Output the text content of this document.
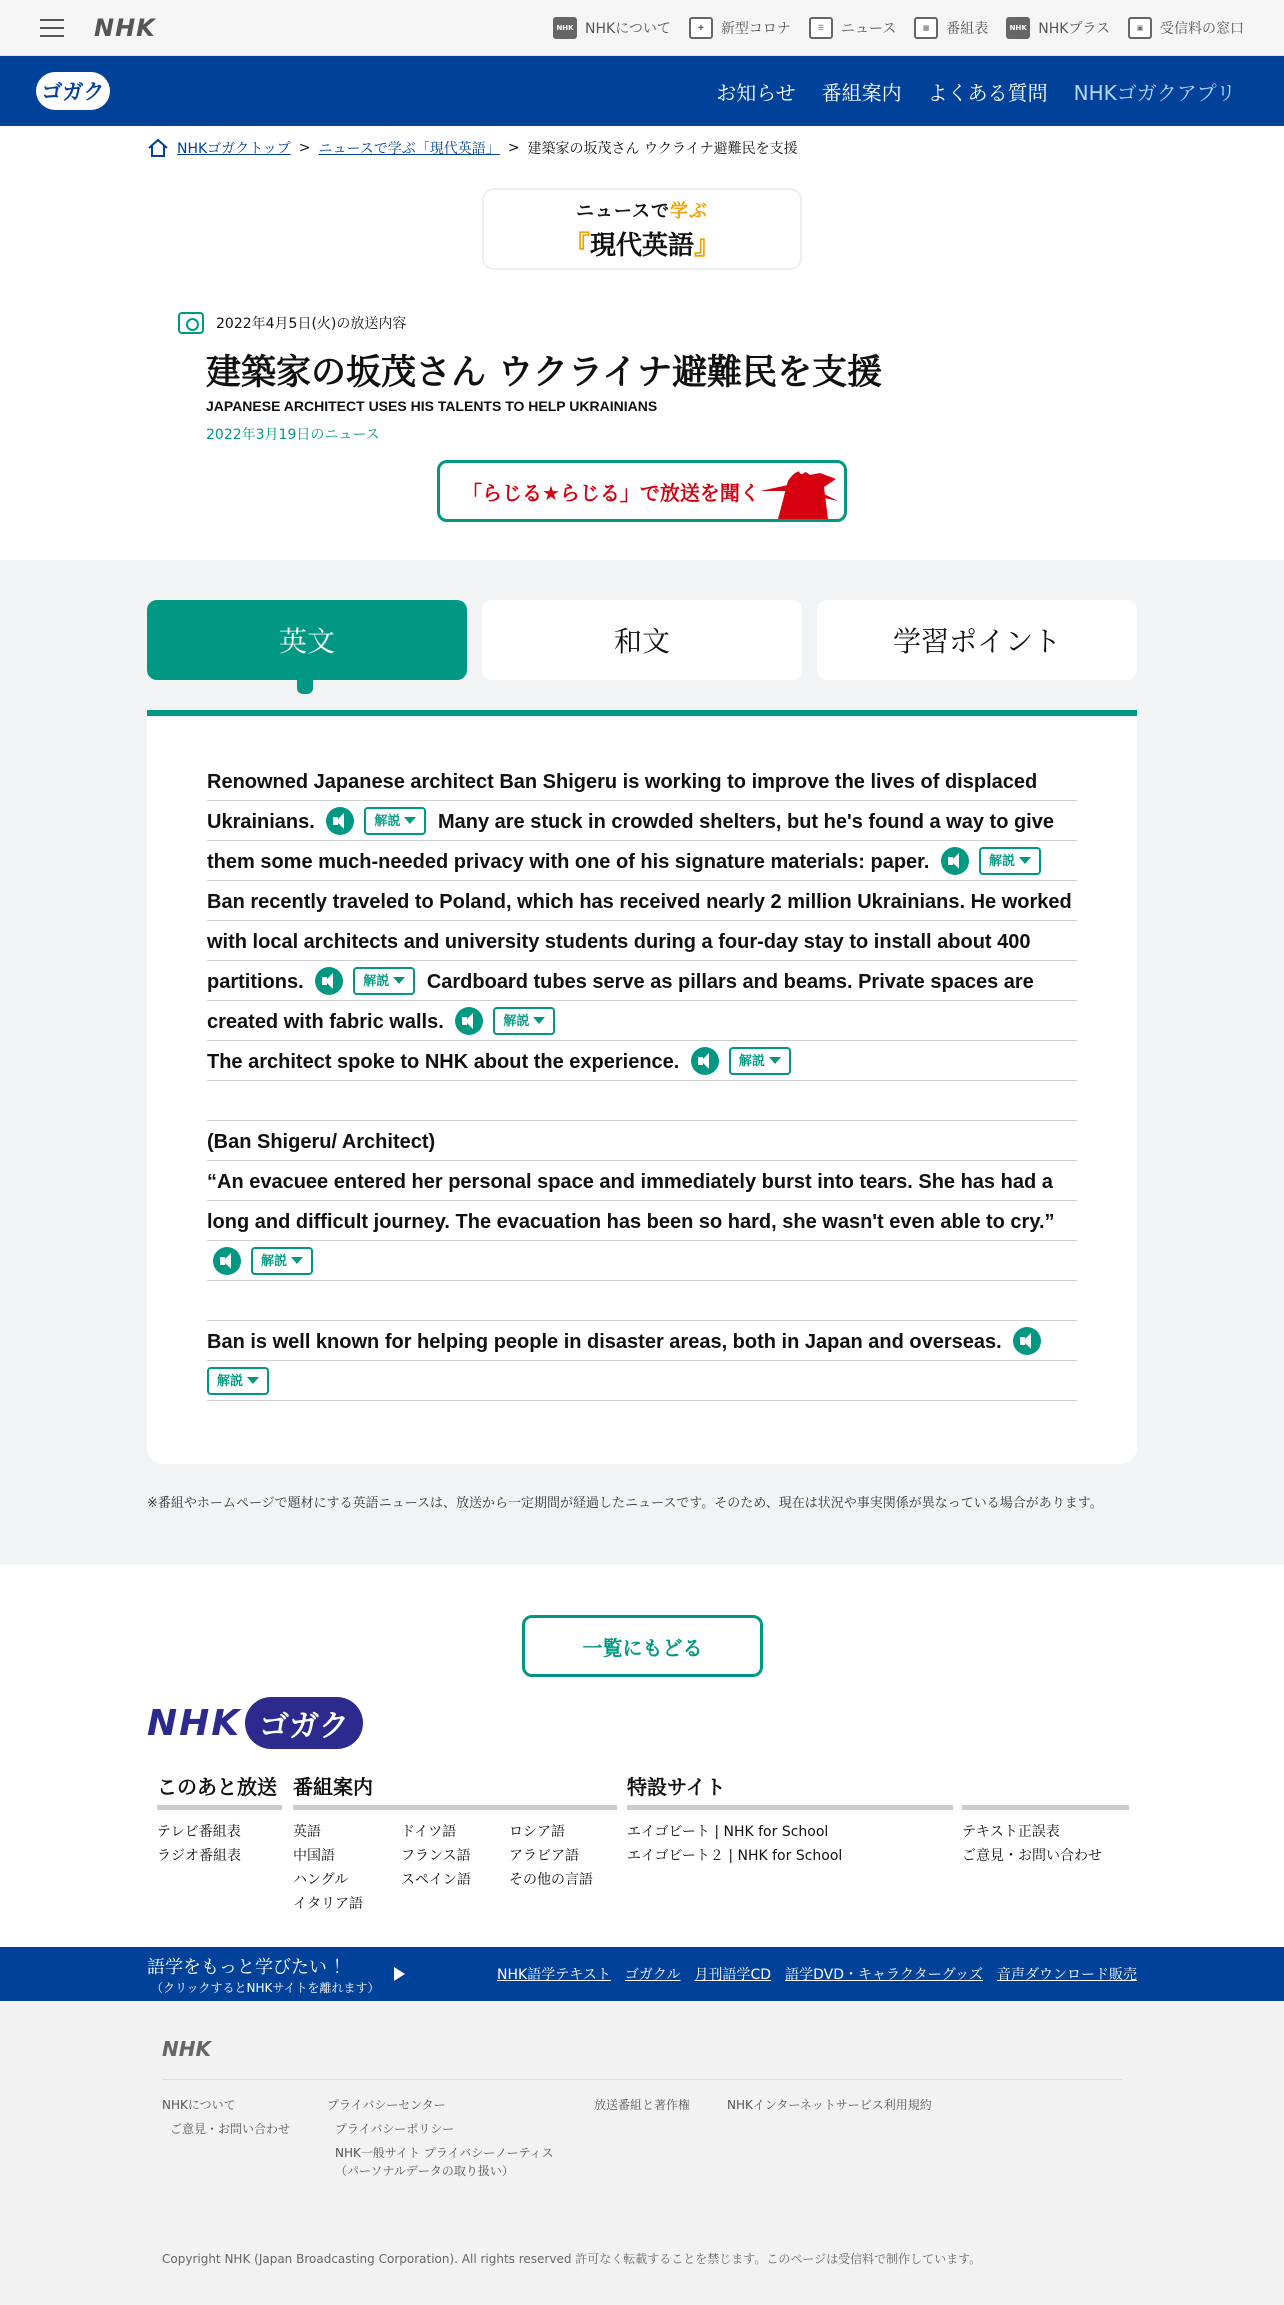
NHK	NHK NHKについて	✚	新型コロナ	☰	ニュース	▦	番組表	NHK NHKプラス	▣	受信料の窓口
ゴガク	お知らせ 番組案内 よくある質問 NHKゴガクアプリ
NHKゴガクトップ > ニュースで学ぶ「現代英語」 > 建築家の坂茂さん ウクライナ避難民を支援
ニュースで学ぶ
『現代英語』
2022年4月5日(火)の放送内容
建築家の坂茂さん ウクライナ避難民を支援
JAPANESE ARCHITECT USES HIS TALENTS TO HELP UKRAINIANS
2022年3月19日のニュース
「らじる★らじる」で放送を聞く
英文	和文	学習ポイント
Renowned Japanese architect Ban Shigeru is working to improve the lives of displaced Ukrainians.	解説 Many are stuck in crowded shelters, but he's found a way to give them some much-needed privacy with one of his signature materials: paper.	解説
Ban recently traveled to Poland, which has received nearly 2 million Ukrainians. He worked with local architects and university students during a four-day stay to install about 400 partitions.	解説 Cardboard tubes serve as pillars and beams. Private spaces are created with fabric walls.	解説

The architect spoke to NHK about the experience.	解説
(Ban Shigeru/ Architect)
“An evacuee entered her personal space and immediately burst into tears. She has had a long and difficult journey. The evacuation has been so hard, she wasn't even able to cry.”

解説
Ban is well known for helping people in disaster areas, both in Japan and overseas.

解説
※番組やホームページで題材にする英語ニュースは、放送から一定期間が経過したニュースです。そのため、現在は状況や事実関係が異なっている場合があります。
一覧にもどる
NHK ゴガク
このあと放送
テレビ番組表
ラジオ番組表
番組案内
英語	ドイツ語	ロシア語
中国語	フランス語	アラビア語
ハングル	スペイン語	その他の言語
イタリア語
特設サイト
エイゴビート | NHK for School
エイゴビート２ | NHK for School
テキスト正誤表
ご意見・お問い合わせ
語学をもっと学びたい ！
（クリックするとNHKサイトを離れます）
NHK語学テキスト ゴガクル 月刊語学CD 語学DVD・キャラクターグッズ 音声ダウンロード販売
NHK
NHKについて
ご意見・お問い合わせ
プライバシーセンター
プライバシーポリシー

NHK一般サイト プライバシーノーティス
（パーソナルデータの取り扱い）
放送番組と著作権	NHKインターネットサービス利用規約
Copyright NHK (Japan Broadcasting Corporation). All rights reserved 許可なく転載することを禁じます。このページは受信料で制作しています。
